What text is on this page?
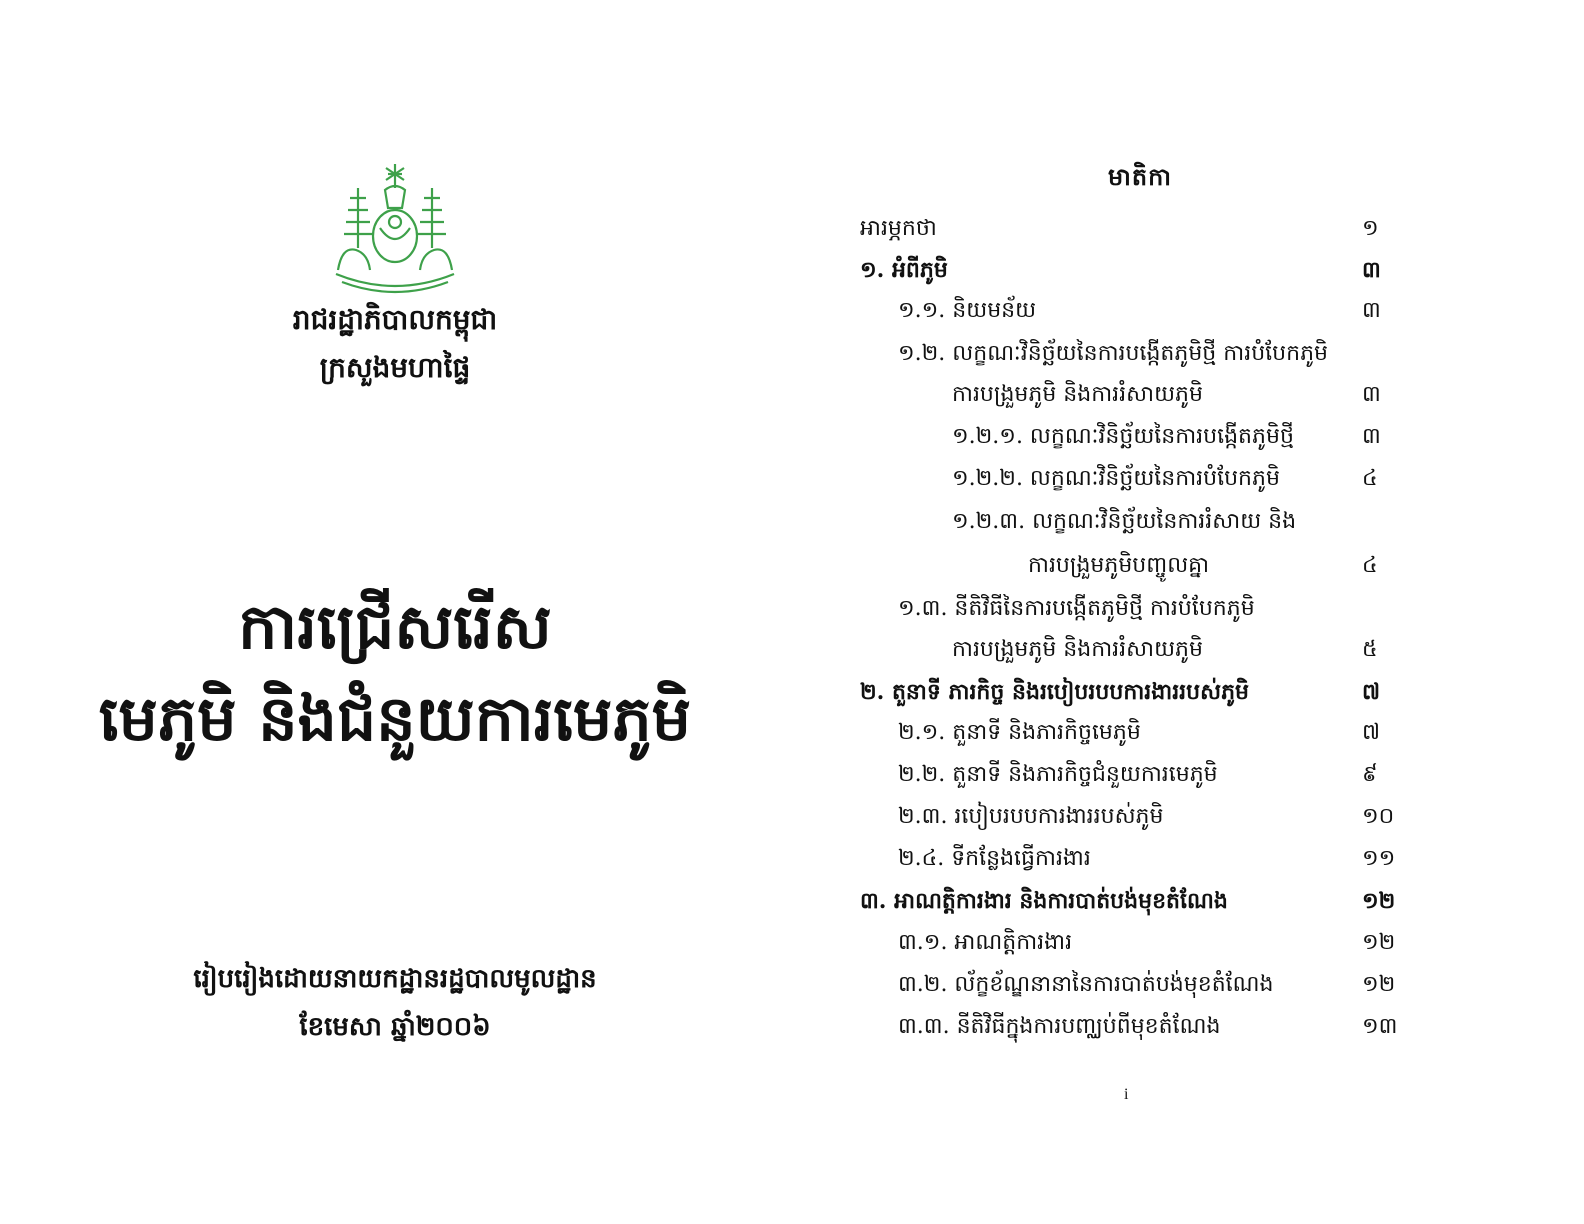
រាជរដ្ឋាភិបាលកម្ពុជា
ក្រសួងមហាផ្ទៃ
ការជ្រើសរើស
មេភូមិ និងជំនួយការមេភូមិ
រៀបរៀងដោយនាយកដ្ឋានរដ្ឋបាលមូលដ្ឋាន
ខែមេសា ឆ្នាំ២០០៦
មាតិកា
អារម្ភកថា	១
១. អំពីភូមិ	៣
១.១. និយមន័យ	៣
១.២. លក្ខណៈវិនិច្ឆ័យនៃការបង្កើតភូមិថ្មី ការបំបែកភូមិ
ការបង្រួមភូមិ និងការរំសាយភូមិ	៣
១.២.១. លក្ខណៈវិនិច្ឆ័យនៃការបង្កើតភូមិថ្មី	៣
១.២.២. លក្ខណៈវិនិច្ឆ័យនៃការបំបែកភូមិ	៤
១.២.៣. លក្ខណៈវិនិច្ឆ័យនៃការរំសាយ និង
ការបង្រួមភូមិបញ្ចូលគ្នា	៤
១.៣. នីតិវិធីនៃការបង្កើតភូមិថ្មី ការបំបែកភូមិ
ការបង្រួមភូមិ និងការរំសាយភូមិ	៥
២. តួនាទី ភារកិច្ច និងរបៀបរបបការងាររបស់ភូមិ	៧
២.១. តួនាទី និងភារកិច្ចមេភូមិ	៧
២.២. តួនាទី និងភារកិច្ចជំនួយការមេភូមិ	៩
២.៣. របៀបរបបការងាររបស់ភូមិ	១០
២.៤. ទីកន្លែងធ្វើការងារ	១១
៣. អាណត្តិការងារ និងការបាត់បង់មុខតំណែង	១២
៣.១. អាណត្តិការងារ	១២
៣.២. ល័ក្ខខ័ណ្ឌនានានៃការបាត់បង់មុខតំណែង	១២
៣.៣. នីតិវិធីក្នុងការបញ្ឈប់ពីមុខតំណែង	១៣
i
